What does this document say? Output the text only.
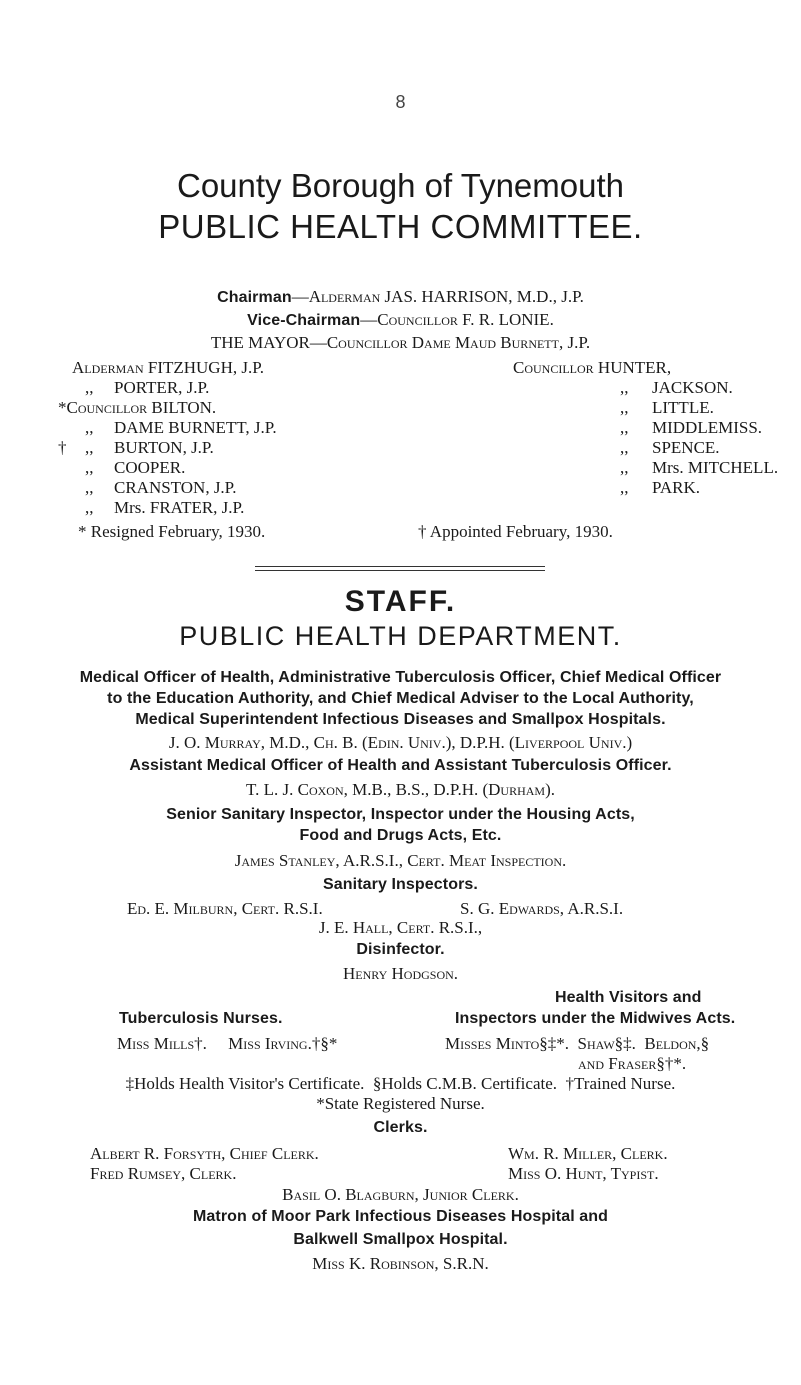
8
County Borough of Tynemouth
PUBLIC HEALTH COMMITTEE.
Chairman—Alderman JAS. HARRISON, M.D., J.P.
Vice-Chairman—Councillor F. R. LONIE.
THE MAYOR—Councillor Dame Maud Burnett, J.P.
Alderman FITZHUGH, J.P.
,, PORTER, J.P.
*Councillor BILTON.
,, DAME BURNETT, J.P.
† ,, BURTON, J.P.
,, COOPER.
,, CRANSTON, J.P.
,, Mrs. FRATER, J.P.
Councillor HUNTER,
,, JACKSON.
,, LITTLE.
,, MIDDLEMISS.
,, SPENCE.
,, Mrs. MITCHELL.
,, PARK.
* Resigned February, 1930.	† Appointed February, 1930.
STAFF.
PUBLIC HEALTH DEPARTMENT.
Medical Officer of Health, Administrative Tuberculosis Officer, Chief Medical Officer
to the Education Authority, and Chief Medical Adviser to the Local Authority,
Medical Superintendent Infectious Diseases and Smallpox Hospitals.
J. O. Murray, M.D., Ch. B. (Edin. Univ.), D.P.H. (Liverpool Univ.)
Assistant Medical Officer of Health and Assistant Tuberculosis Officer.
T. L. J. Coxon, M.B., B.S., D.P.H. (Durham).
Senior Sanitary Inspector, Inspector under the Housing Acts,
Food and Drugs Acts, Etc.
James Stanley, A.R.S.I., Cert. Meat Inspection.
Sanitary Inspectors.
Ed. E. Milburn, Cert. R.S.I.	S. G. Edwards, A.R.S.I.
J. E. Hall, Cert. R.S.I.,
Disinfector.
Henry Hodgson.
Health Visitors and
Tuberculosis Nurses.	Inspectors under the Midwives Acts.
Miss Mills†.     Miss Irving.†§*	Misses Minto§‡*.  Shaw§‡.  Beldon,§
and Fraser§†*.
‡Holds Health Visitor's Certificate.  §Holds C.M.B. Certificate.  †Trained Nurse.
*State Registered Nurse.
Clerks.
Albert R. Forsyth, Chief Clerk.	Wm. R. Miller, Clerk.
Fred Rumsey, Clerk.	Miss O. Hunt, Typist.
Basil O. Blagburn, Junior Clerk.
Matron of Moor Park Infectious Diseases Hospital and
Balkwell Smallpox Hospital.
Miss K. Robinson, S.R.N.
